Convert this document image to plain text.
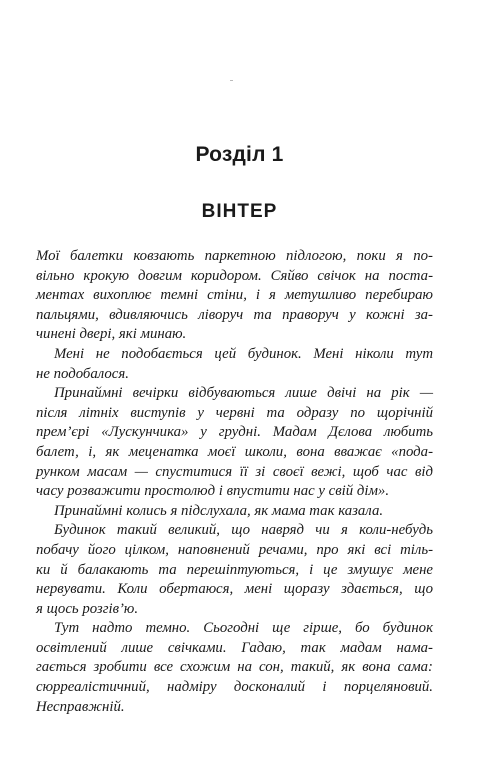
Розділ 1
ВІНТЕР

Мої балетки ковзають паркетною підлогою, поки я по-
вільно крокую довгим коридором. Сяйво свічок на поста-
ментах вихоплює темні стіни, і я метушливо перебираю
пальцями, вдивляючись ліворуч та праворуч у кожні за-
чинені двері, які минаю.

Мені не подобається цей будинок. Мені ніколи тут
не подобалося.

Принаймні вечірки відбуваються лише двічі на рік —
після літніх виступів у червні та одразу по щорічній
прем’єрі «Лускунчика» у грудні. Мадам Дєлова любить
балет, і, як меценатка моєї школи, вона вважає «пода-
рунком масам — спуститися її зі своєї вежі, щоб час від
часу розважити простолюд і впустити нас у свій дім».

Принаймні колись я підслухала, як мама так казала.

Будинок такий великий, що навряд чи я коли-небудь
побачу його цілком, наповнений речами, про які всі тіль-
ки й балакають та перешіптуються, і це змушує мене
нервувати. Коли обертаюся, мені щоразу здається, що
я щось розгів’ю.

Тут надто темно. Сьогодні ще гірше, бо будинок
освітлений лише свічками. Гадаю, так мадам нама-
гається зробити все схожим на сон, такий, як вона сама:
сюрреалістичний, надміру досконалий і порцеляновий.
Несправжній.
